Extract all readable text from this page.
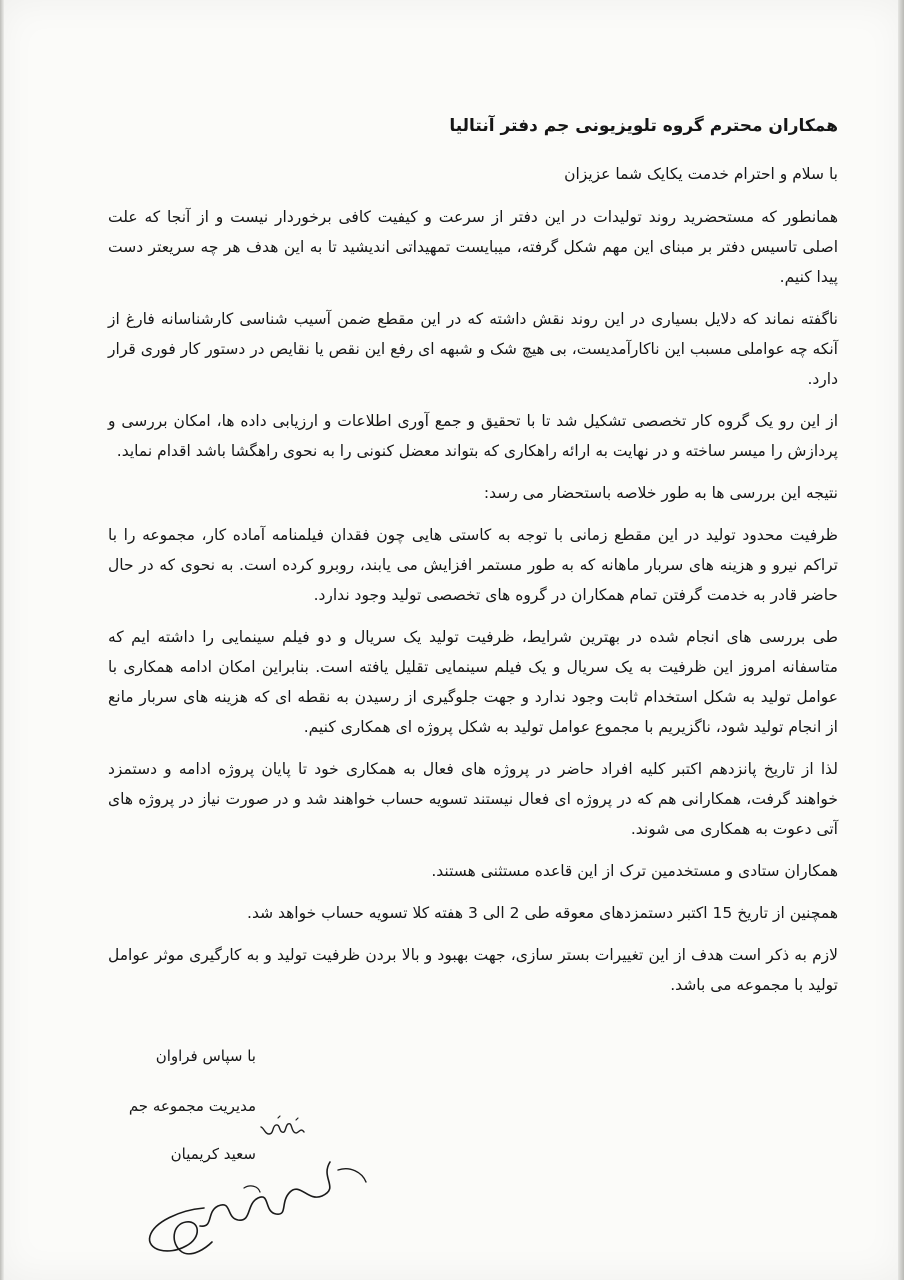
همکاران محترم گروه تلویزیونی جم دفتر آنتالیا
با سلام و احترام خدمت یکایک شما عزیزان

همانطور که مستحضرید روند تولیدات در این دفتر از سرعت و کیفیت کافی برخوردار نیست و از آنجا که علت اصلی تاسیس دفتر بر مبنای این مهم شکل گرفته، میبایست تمهیداتی اندیشید تا به این هدف هر چه سریعتر دست پیدا کنیم.

ناگفته نماند که دلایل بسیاری در این روند نقش داشته که در این مقطع ضمن آسیب شناسی کارشناسانه فارغ از آنکه چه عواملی مسبب این ناکارآمدیست، بی هیچ شک و شبهه ای رفع این نقص یا نقایص در دستور کار فوری قرار دارد.

از این رو یک گروه کار تخصصی تشکیل شد تا با تحقیق و جمع آوری اطلاعات و ارزیابی داده ها، امکان بررسی و پردازش را میسر ساخته و در نهایت به ارائه راهکاری که بتواند معضل کنونی را به نحوی راهگشا باشد اقدام نماید.

نتیجه این بررسی ها به طور خلاصه باستحضار می رسد:

ظرفیت محدود تولید در این مقطع زمانی با توجه به کاستی هایی چون فقدان فیلمنامه آماده کار، مجموعه را با تراکم نیرو و هزینه های سربار ماهانه که به طور مستمر افزایش می یابند، روبرو کرده است. به نحوی که در حال حاضر قادر به خدمت گرفتن تمام همکاران در گروه های تخصصی تولید وجود ندارد.

طی بررسی های انجام شده در بهترین شرایط، ظرفیت تولید یک سریال و دو فیلم سینمایی را داشته ایم که متاسفانه امروز این ظرفیت به یک سریال و یک فیلم سینمایی تقلیل یافته است. بنابراین امکان ادامه همکاری با عوامل تولید به شکل استخدام ثابت وجود ندارد و جهت جلوگیری از رسیدن به نقطه ای که هزینه های سربار مانع از انجام تولید شود، ناگزیریم با مجموع عوامل تولید به شکل پروژه ای همکاری کنیم.

لذا از تاریخ پانزدهم اکتبر کلیه افراد حاضر در پروژه های فعال به همکاری خود تا پایان پروژه ادامه و دستمزد خواهند گرفت، همکارانی هم که در پروژه ای فعال نیستند تسویه حساب خواهند شد و در صورت نیاز در پروژه های آتی دعوت به همکاری می شوند.

همکاران ستادی و مستخدمین ترک از این قاعده مستثنی هستند.

همچنین از تاریخ 15 اکتبر دستمزدهای معوقه طی 2 الی 3 هفته کلا تسویه حساب خواهد شد.

لازم به ذکر است هدف از این تغییرات بستر سازی، جهت بهبود و بالا بردن ظرفیت تولید و به کارگیری موثر عوامل تولید با مجموعه می باشد.

با سپاس فراوان
مدیریت مجموعه جم
سعید کریمیان
